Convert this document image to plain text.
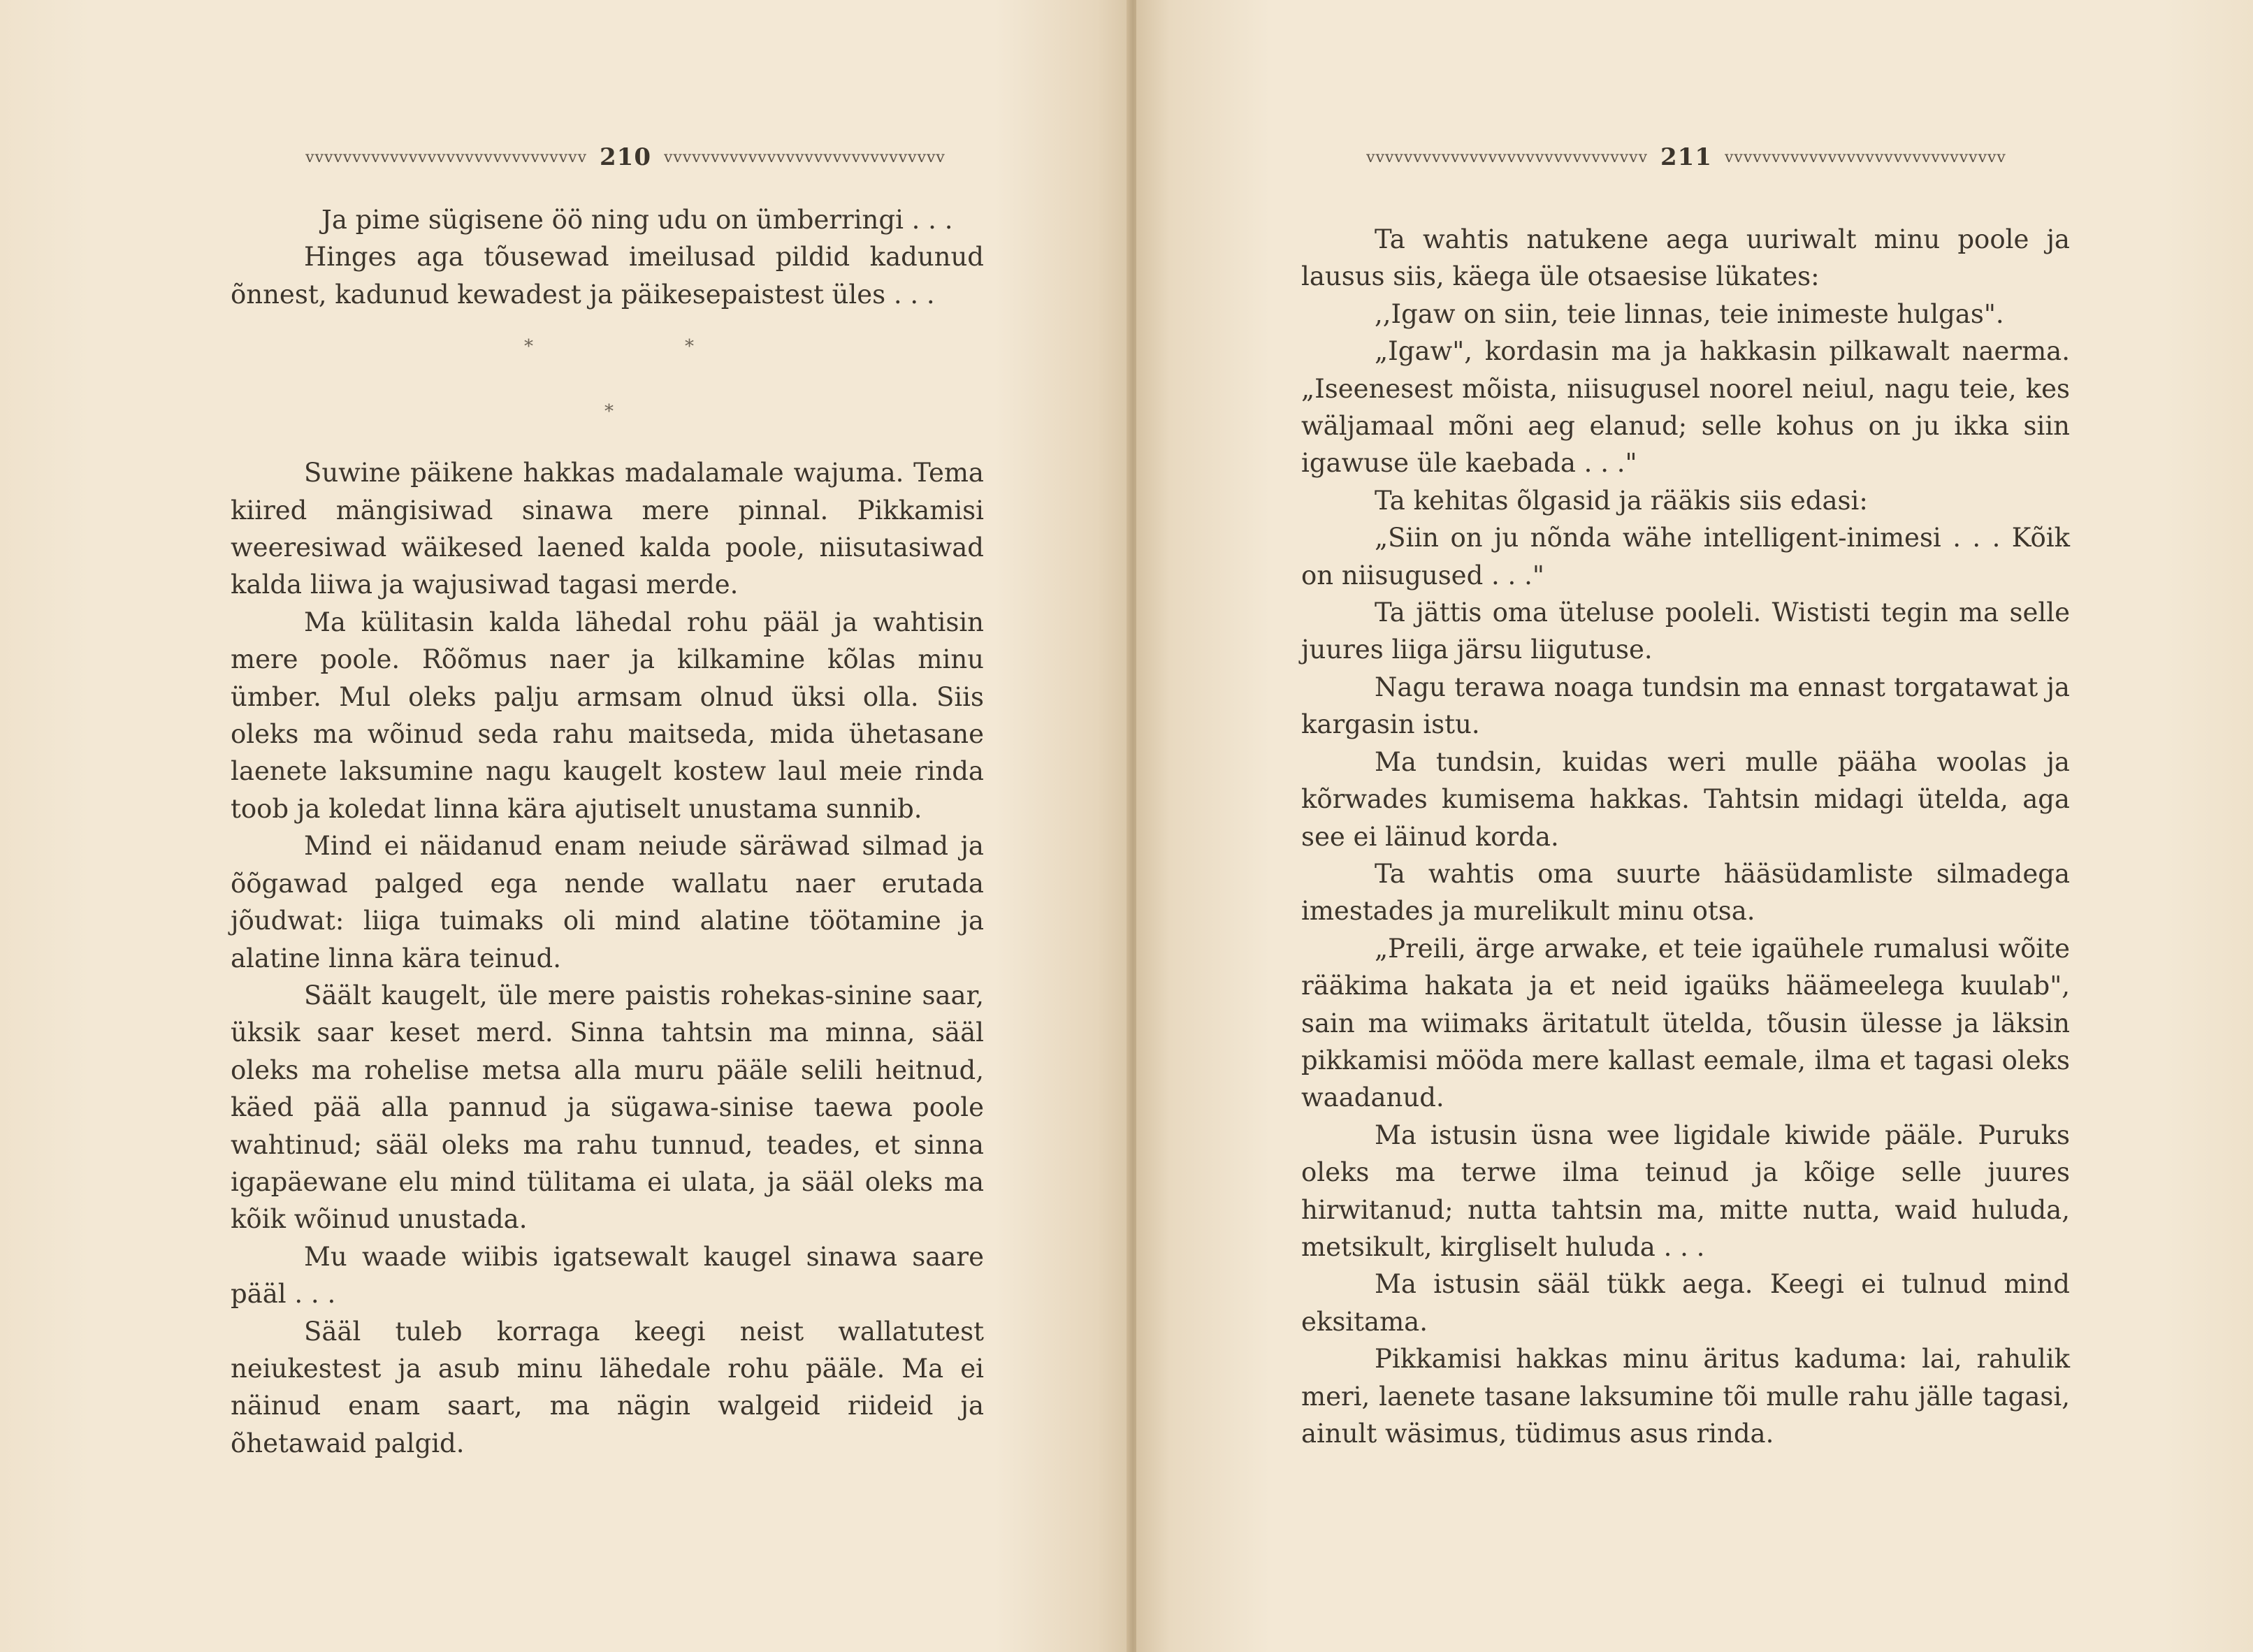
vvvvvvvvvvvvvvvvvvvvvvvvvvvvvv 210 vvvvvvvvvvvvvvvvvvvvvvvvvvvvvv

Ja pime sügisene öö ning udu on ümberringi . . .

Hinges aga tõusewad imeilusad pildid kadunud õnnest, kadunud kewadest ja päikesepaistest üles . . .

*	*
*

Suwine päikene hakkas madalamale wajuma. Tema kiired mängisiwad sinawa mere pinnal. Pikkamisi weeresiwad wäikesed laened kalda poole, niisutasiwad kalda liiwa ja wajusiwad tagasi merde.

Ma külitasin kalda lähedal rohu pääl ja wahtisin mere poole. Rõõmus naer ja kilkamine kõlas minu ümber. Mul oleks palju armsam olnud üksi olla. Siis oleks ma wõinud seda rahu maitseda, mida ühetasane laenete laksumine nagu kaugelt kostew laul meie rinda toob ja koledat linna kära ajutiselt unustama sunnib.

Mind ei näidanud enam neiude säräwad silmad ja õõgawad palged ega nende wallatu naer erutada jõudwat: liiga tuimaks oli mind alatine töötamine ja alatine linna kära teinud.

Säält kaugelt, üle mere paistis rohekas-sinine saar, üksik saar keset merd. Sinna tahtsin ma minna, sääl oleks ma rohelise metsa alla muru pääle selili heitnud, käed pää alla pannud ja sügawa-sinise taewa poole wahtinud; sääl oleks ma rahu tunnud, teades, et sinna igapäewane elu mind tülitama ei ulata, ja sääl oleks ma kõik wõinud unustada.

Mu waade wiibis igatsewalt kaugel sinawa saare pääl . . .

Sääl tuleb korraga keegi neist wallatutest neiukestest ja asub minu lähedale rohu pääle. Ma ei näinud enam saart, ma nägin walgeid riideid ja õhetawaid palgid.

vvvvvvvvvvvvvvvvvvvvvvvvvvvvvv 211 vvvvvvvvvvvvvvvvvvvvvvvvvvvvvv

Ta wahtis natukene aega uuriwalt minu poole ja lausus siis, käega üle otsaesise lükates:

,,Igaw on siin, teie linnas, teie inimeste hulgas".

„Igaw", kordasin ma ja hakkasin pilkawalt naerma. „Iseenesest mõista, niisugusel noorel neiul, nagu teie, kes wäljamaal mõni aeg elanud; selle kohus on ju ikka siin igawuse üle kaebada . . ."

Ta kehitas õlgasid ja rääkis siis edasi:

„Siin on ju nõnda wähe intelligent-inimesi . . . Kõik on niisugused . . ."

Ta jättis oma üteluse pooleli. Wististi tegin ma selle juures liiga järsu liigutuse.

Nagu terawa noaga tundsin ma ennast torgatawat ja kargasin istu.

Ma tundsin, kuidas weri mulle pääha woolas ja kõrwades kumisema hakkas. Tahtsin midagi ütelda, aga see ei läinud korda.

Ta wahtis oma suurte hääsüdamliste silmadega imestades ja murelikult minu otsa.

„Preili, ärge arwake, et teie igaühele rumalusi wõite rääkima hakata ja et neid igaüks häämeelega kuulab", sain ma wiimaks äritatult ütelda, tõusin ülesse ja läksin pikkamisi mööda mere kallast eemale, ilma et tagasi oleks waadanud.

Ma istusin üsna wee ligidale kiwide pääle. Puruks oleks ma terwe ilma teinud ja kõige selle juures hirwitanud; nutta tahtsin ma, mitte nutta, waid huluda, metsikult, kirgliselt huluda . . .

Ma istusin sääl tükk aega. Keegi ei tulnud mind eksitama.

Pikkamisi hakkas minu äritus kaduma: lai, rahulik meri, laenete tasane laksumine tõi mulle rahu jälle tagasi, ainult wäsimus, tüdimus asus rinda.
